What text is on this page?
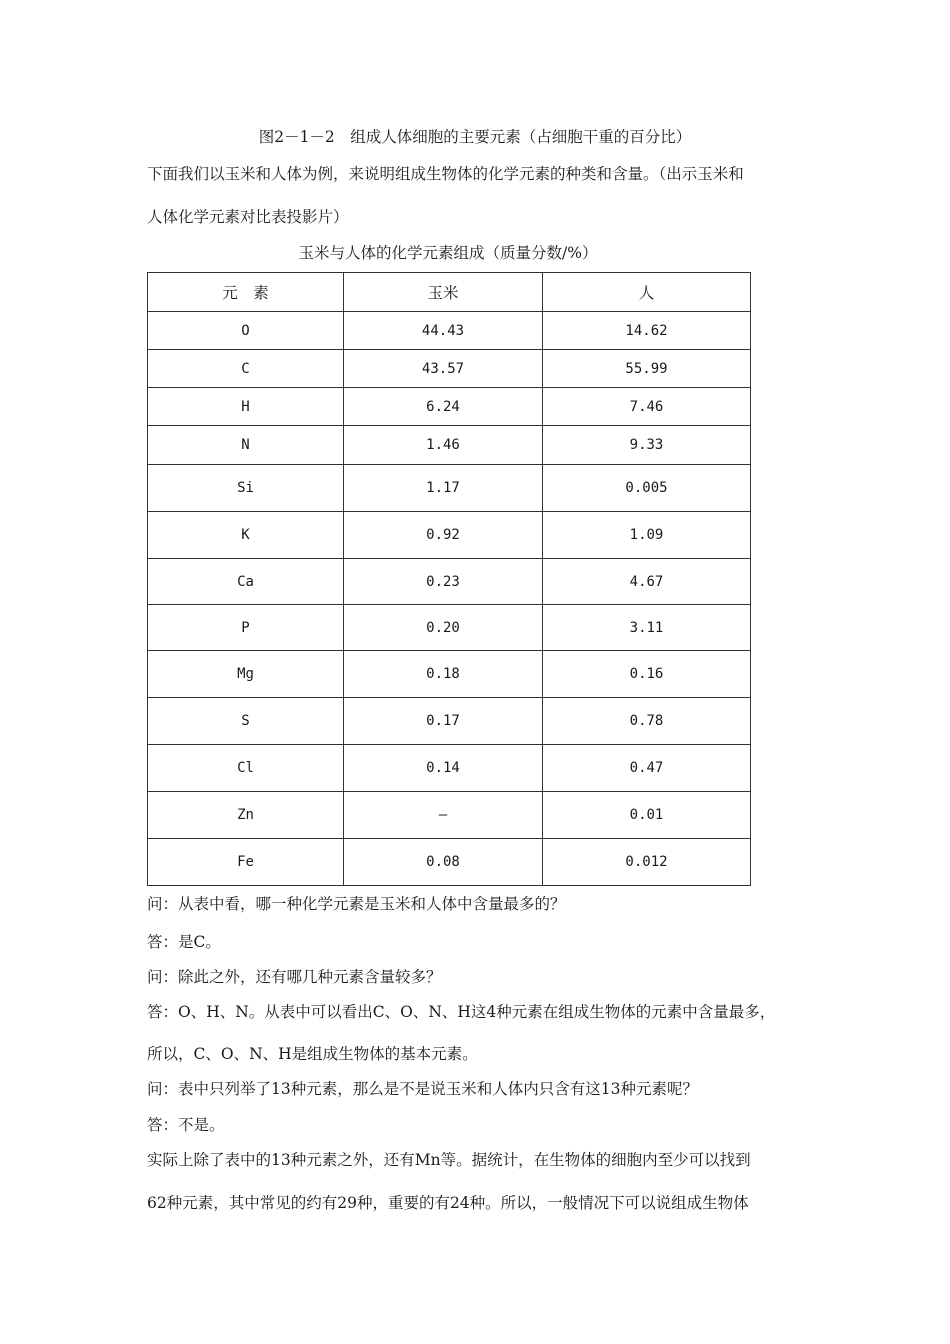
图2－1－2　组成人体细胞的主要元素（占细胞干重的百分比）
下面我们以玉米和人体为例，来说明组成生物体的化学元素的种类和含量。（出示玉米和
人体化学元素对比表投影片）
玉米与人体的化学元素组成（质量分数/%）
元　素	玉米	人
O	44.43	14.62
C	43.57	55.99
H	6.24	7.46
N	1.46	9.33
Si	1.17	0.005
K	0.92	1.09
Ca	0.23	4.67
P	0.20	3.11
Mg	0.18	0.16
S	0.17	0.78
Cl	0.14	0.47
Zn	—	0.01
Fe	0.08	0.012
问：从表中看，哪一种化学元素是玉米和人体中含量最多的？
答：是C。
问：除此之外，还有哪几种元素含量较多？
答：O、H、N。从表中可以看出C、O、N、H这4种元素在组成生物体的元素中含量最多，
所以，C、O、N、H是组成生物体的基本元素。
问：表中只列举了13种元素，那么是不是说玉米和人体内只含有这13种元素呢？
答：不是。
实际上除了表中的13种元素之外，还有Mn等。据统计，在生物体的细胞内至少可以找到
62种元素，其中常见的约有29种，重要的有24种。所以，一般情况下可以说组成生物体
